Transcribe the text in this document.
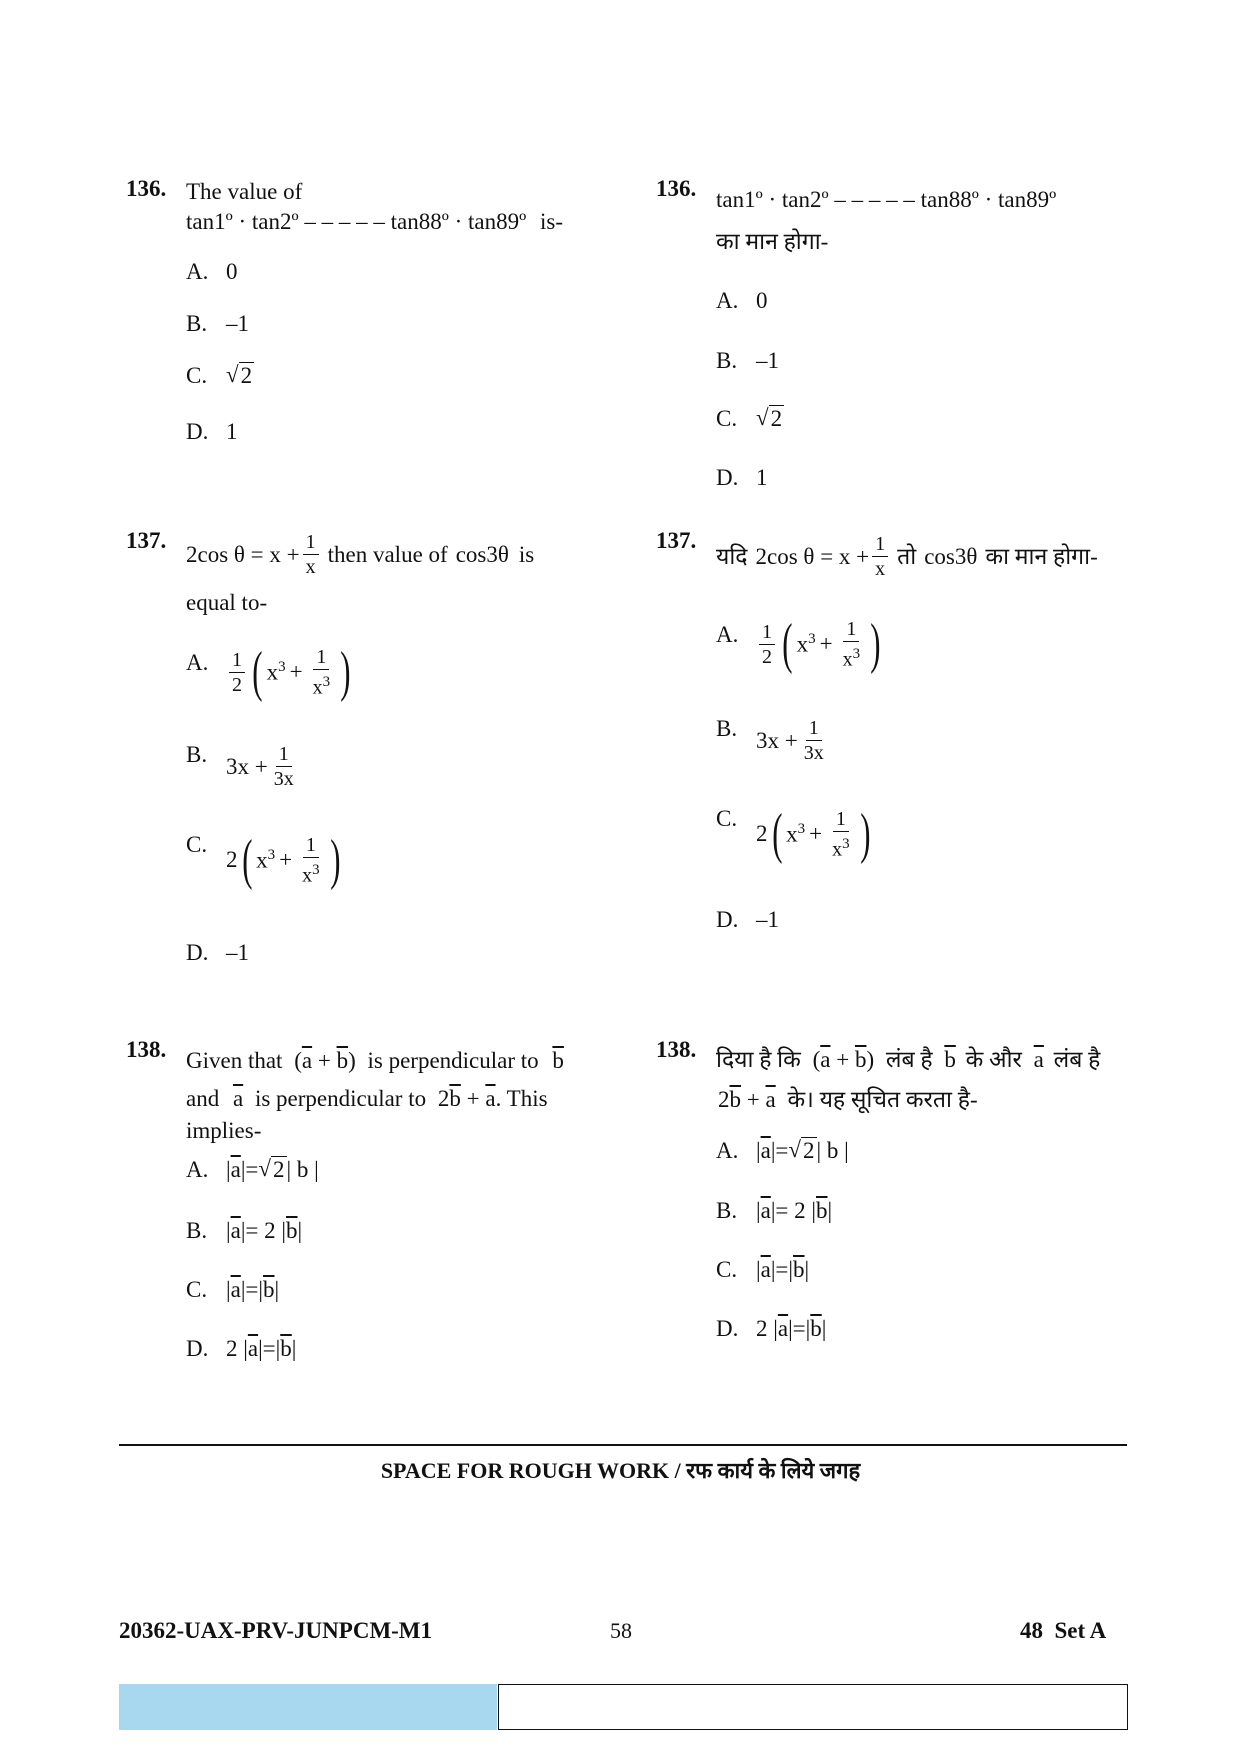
136. The value of
tan1º · tan2º – – – – – tan88º · tan89º is-
A. 0
B. –1
C. √ 2
D. 1
136. tan1º · tan2º – – – – – tan88º · tan89º
का मान होगा-
A. 0
B. –1
C. √ 2
D. 1
137.
2cos $\theta = x + \frac{1}{x}$ then value of cos3θ is
equal to-
A.	$\frac{1}{2}$ ( $x^3 + \frac{1}{x^3}$ )
B. $3x + \frac{1}{3x}$
C.
2 ( $x^3 + \frac{1}{x^3}$ )
D. –1
137.
यदि 2cos $\theta = x + \frac{1}{x}$ तो cos3θ का मान होगा-
A.	$\frac{1}{2}$ ( $x^3 + \frac{1}{x^3}$ )
B. $3x + \frac{1}{3x}$
C.
2 ( $x^3 + \frac{1}{x^3}$ )
D. –1
138. Given that $(\overline{a} + \overline{b})$ is perpendicular to $\overline{b}$
and $\overline{a}$ is perpendicular to $2\overline{b} + \overline{a}$. This
implies-
A. | $\overline{a}$ |= √ 2 | b |
B. | $\overline{a}$ |= 2 | $\overline{b}$ |
C. | $\overline{a}$ |=| $\overline{b}$ |
D. 2 | $\overline{a}$ |=| $\overline{b}$ |
138. दिया है कि $(\overline{a} + \overline{b})$ लंब है $\overline{b}$ के और $\overline{a}$ लंब है
$2\overline{b} + \overline{a}$ के। यह सूचित करता है-
A. | $\overline{a}$ |= √ 2 | b |
B. | $\overline{a}$ |= 2 | $\overline{b}$ |
C. | $\overline{a}$ |=| $\overline{b}$ |
D. 2 | $\overline{a}$ |=| $\overline{b}$ |
SPACE FOR ROUGH WORK / रफ कार्य के लिये जगह
20362-UAX-PRV-JUNPCM-M1	58	48  Set A
